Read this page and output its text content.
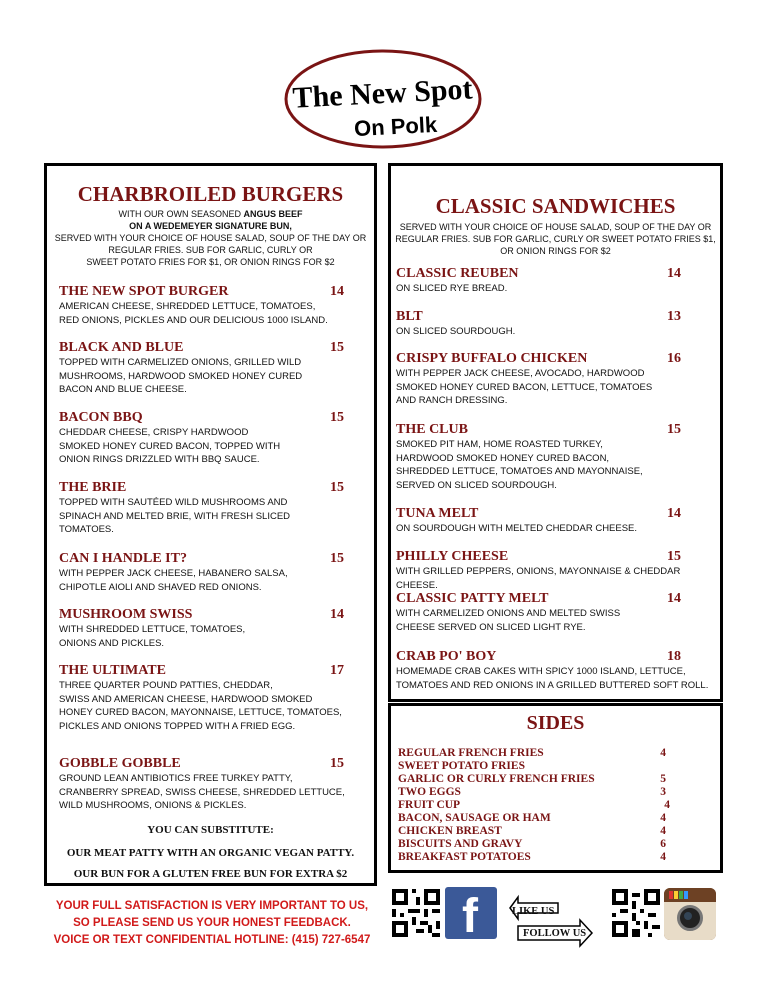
The New Spot
On Polk
CHARBROILED BURGERS

WITH OUR OWN SEASONED ANGUS BEEF

ON A WEDEMEYER SIGNATURE BUN,

SERVED WITH YOUR CHOICE OF HOUSE SALAD, SOUP OF THE DAY OR

REGULAR FRIES. SUB FOR GARLIC, CURLY OR

SWEET POTATO FRIES FOR $1, OR ONION RINGS FOR $2

THE NEW SPOT BURGER	14
AMERICAN CHEESE, SHREDDED LETTUCE, TOMATOES,
RED ONIONS, PICKLES AND OUR DELICIOUS 1000 ISLAND.
BLACK AND BLUE	15
TOPPED WITH CARMELIZED ONIONS, GRILLED WILD
MUSHROOMS, HARDWOOD SMOKED HONEY CURED
BACON AND BLUE CHEESE.
BACON BBQ	15
CHEDDAR CHEESE, CRISPY HARDWOOD
SMOKED HONEY CURED BACON, TOPPED WITH
ONION RINGS DRIZZLED WITH BBQ SAUCE.
THE BRIE	15
TOPPED WITH SAUTÉED WILD MUSHROOMS AND
SPINACH AND MELTED BRIE, WITH FRESH SLICED
TOMATOES.
CAN I HANDLE IT?	15
WITH PEPPER JACK CHEESE, HABANERO SALSA,
CHIPOTLE AIOLI AND SHAVED RED ONIONS.
MUSHROOM SWISS	14
WITH SHREDDED LETTUCE, TOMATOES,
ONIONS AND PICKLES.
THE ULTIMATE	17
THREE QUARTER POUND PATTIES, CHEDDAR,
SWISS AND AMERICAN CHEESE, HARDWOOD SMOKED
HONEY CURED BACON, MAYONNAISE, LETTUCE, TOMATOES,
PICKLES AND ONIONS TOPPED WITH A FRIED EGG.
GOBBLE GOBBLE	15
GROUND LEAN ANTIBIOTICS FREE TURKEY PATTY,
CRANBERRY SPREAD, SWISS CHEESE, SHREDDED LETTUCE,
WILD MUSHROOMS, ONIONS & PICKLES.
YOU CAN SUBSTITUTE:
OUR MEAT PATTY WITH AN ORGANIC VEGAN PATTY.
OUR BUN FOR A GLUTEN FREE BUN FOR EXTRA $2
CLASSIC SANDWICHES

SERVED WITH YOUR CHOICE OF HOUSE SALAD, SOUP OF THE DAY OR

REGULAR FRIES. SUB FOR GARLIC, CURLY OR SWEET POTATO FRIES $1,

OR ONION RINGS FOR $2

CLASSIC REUBEN	14
ON SLICED RYE BREAD.
BLT	13
ON SLICED SOURDOUGH.
CRISPY BUFFALO CHICKEN	16
WITH PEPPER JACK CHEESE, AVOCADO, HARDWOOD
SMOKED HONEY CURED BACON, LETTUCE, TOMATOES
AND RANCH DRESSING.
THE CLUB	15
SMOKED PIT HAM, HOME ROASTED TURKEY,
HARDWOOD SMOKED HONEY CURED BACON,
SHREDDED LETTUCE, TOMATOES AND MAYONNAISE,
SERVED ON SLICED SOURDOUGH.
TUNA MELT	14
ON SOURDOUGH WITH MELTED CHEDDAR CHEESE.
PHILLY CHEESE	15
WITH GRILLED PEPPERS, ONIONS, MAYONNAISE & CHEDDAR CHEESE.
CLASSIC PATTY MELT	14
WITH CARMELIZED ONIONS AND MELTED SWISS
CHEESE SERVED ON SLICED LIGHT RYE.
CRAB PO' BOY	18
HOMEMADE CRAB CAKES WITH SPICY 1000 ISLAND, LETTUCE,
TOMATOES AND RED ONIONS IN A GRILLED BUTTERED SOFT ROLL.
SIDES
REGULAR FRENCH FRIES	4
SWEET POTATO FRIES
GARLIC OR CURLY FRENCH FRIES	5
TWO EGGS	3
FRUIT CUP	4
BACON, SAUSAGE OR HAM	4
CHICKEN BREAST	4
BISCUITS AND GRAVY	6
BREAKFAST POTATOES	4
YOUR FULL SATISFACTION IS VERY IMPORTANT TO US,
SO PLEASE SEND US YOUR HONEST FEEDBACK.
VOICE OR TEXT CONFIDENTIAL HOTLINE: (415) 727-6547 f	LIKE US
FOLLOW US
